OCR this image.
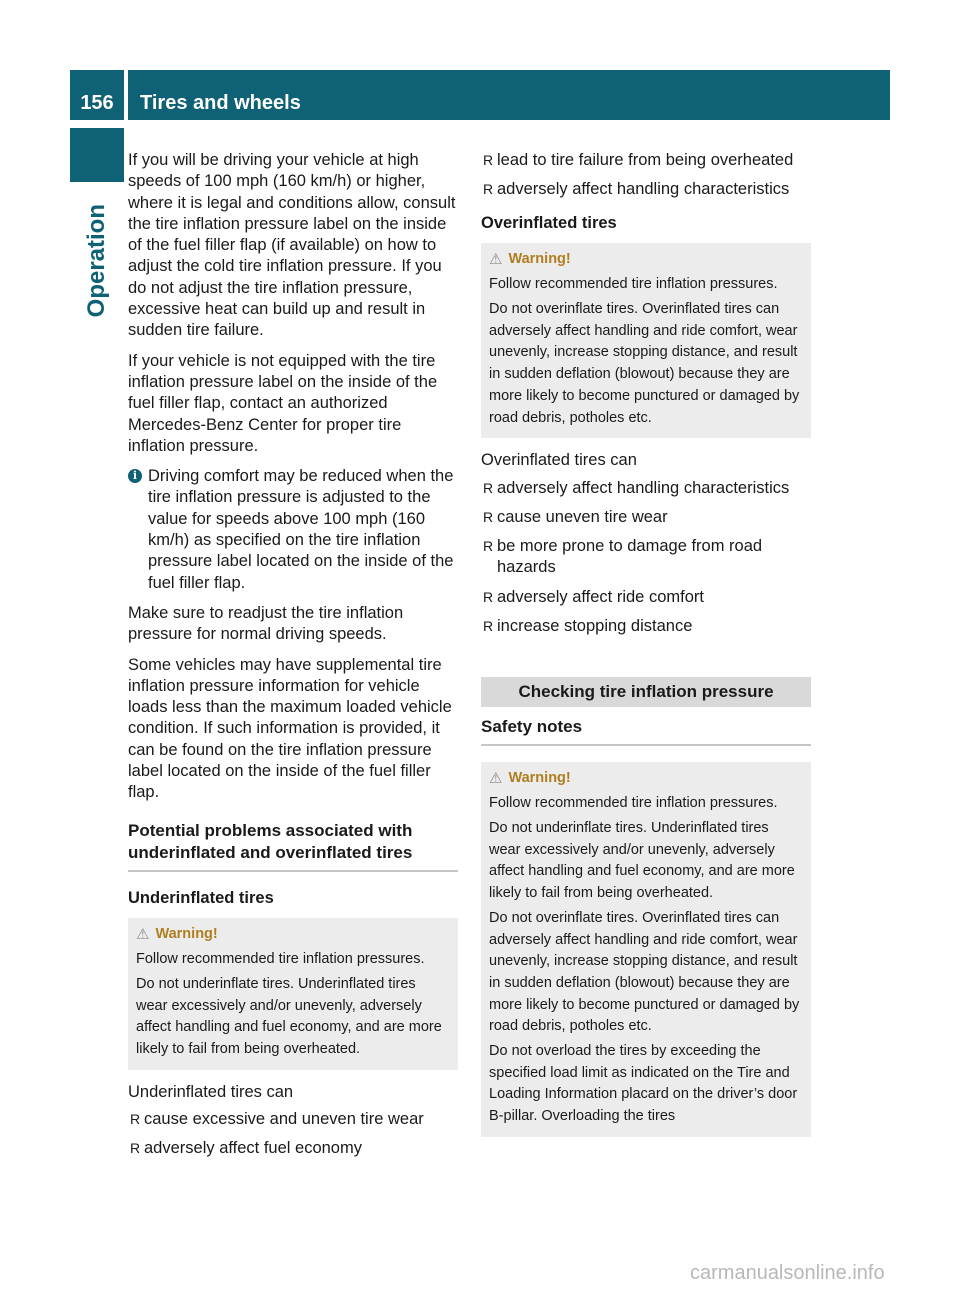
156	Tires and wheels
Operation
If you will be driving your vehicle at high
speeds of 100 mph (160 km/h) or higher,
where it is legal and conditions allow, consult
the tire inflation pressure label on the inside
of the fuel filler flap (if available) on how to
adjust the cold tire inflation pressure. If you
do not adjust the tire inflation pressure,
excessive heat can build up and result in
sudden tire failure.

If your vehicle is not equipped with the tire inflation pressure label on the inside of the fuel filler flap, contact an authorized Mercedes-Benz Center for proper tire inflation pressure.

i Driving comfort may be reduced when the tire inflation pressure is adjusted to the value for speeds above 100 mph (160 km/h) as specified on the tire inflation pressure label located on the inside of the fuel filler flap.

Make sure to readjust the tire inflation pressure for normal driving speeds.

Some vehicles may have supplemental tire inflation pressure information for vehicle loads less than the maximum loaded vehicle condition. If such information is provided, it can be found on the tire inflation pressure label located on the inside of the fuel filler flap.

Potential problems associated with underinflated and overinflated tires
Underinflated tires
⚠ Warning!

Follow recommended tire inflation pressures.

Do not underinflate tires. Underinflated tires wear excessively and/or unevenly, adversely affect handling and fuel economy, and are more likely to fail from being overheated.

Underinflated tires can

R cause excessive and uneven tire wear
R adversely affect fuel economy
R lead to tire failure from being overheated
R adversely affect handling characteristics
Overinflated tires
⚠ Warning!

Follow recommended tire inflation pressures.

Do not overinflate tires. Overinflated tires can adversely affect handling and ride comfort, wear unevenly, increase stopping distance, and result in sudden deflation (blowout) because they are more likely to become punctured or damaged by road debris, potholes etc.

Overinflated tires can

R adversely affect handling characteristics
R cause uneven tire wear
R be more prone to damage from road hazards
R adversely affect ride comfort
R increase stopping distance
Checking tire inflation pressure
Safety notes
⚠ Warning!

Follow recommended tire inflation pressures.

Do not underinflate tires. Underinflated tires wear excessively and/or unevenly, adversely affect handling and fuel economy, and are more likely to fail from being overheated.

Do not overinflate tires. Overinflated tires can adversely affect handling and ride comfort, wear unevenly, increase stopping distance, and result in sudden deflation (blowout) because they are more likely to become punctured or damaged by road debris, potholes etc.

Do not overload the tires by exceeding the specified load limit as indicated on the Tire and Loading Information placard on the driver’s door B-pillar. Overloading the tires

carmanualsonline.info
